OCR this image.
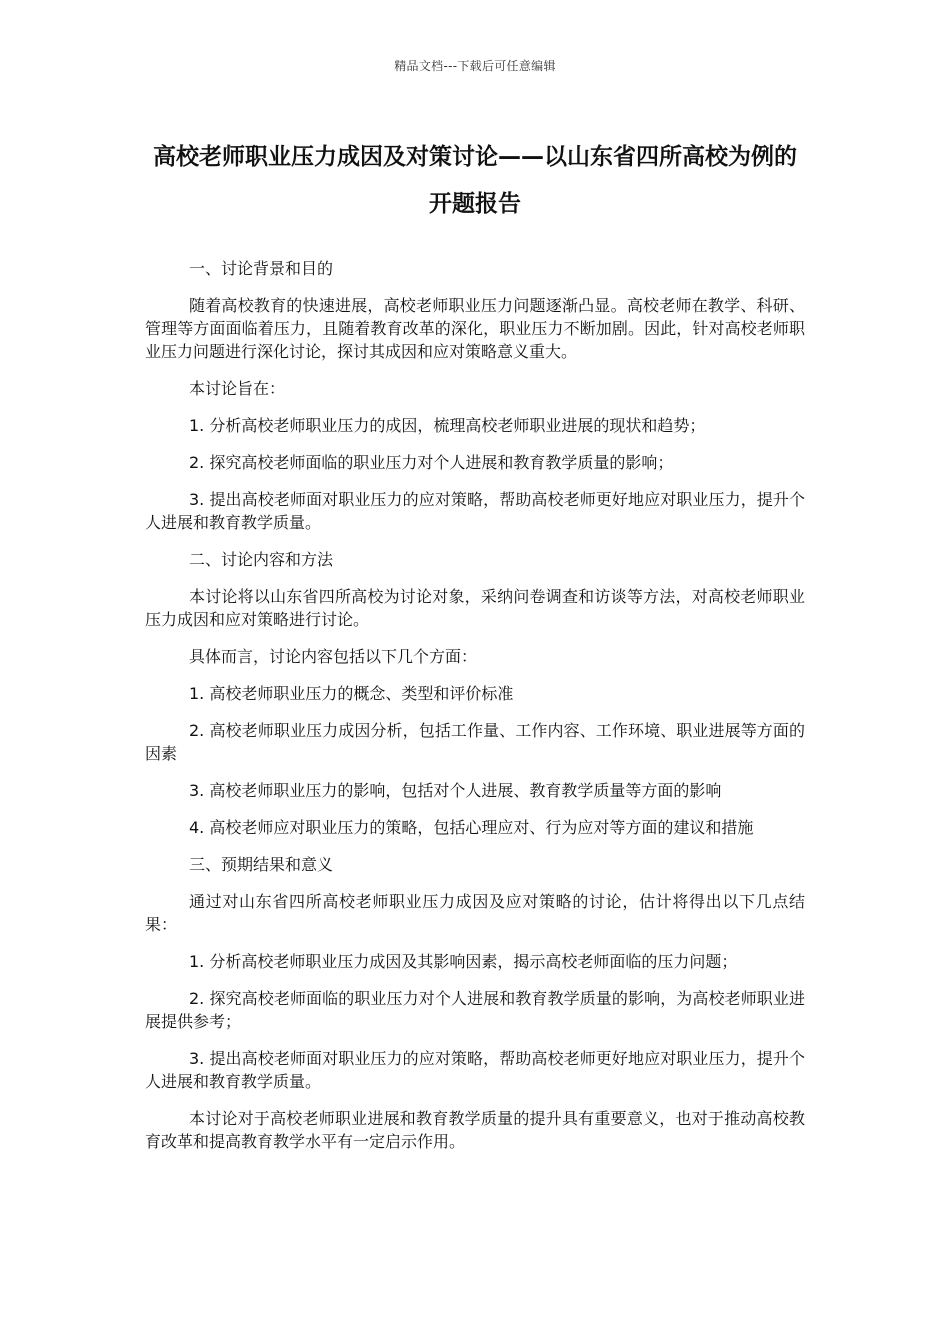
精品文档---下载后可任意编辑
高校老师职业压力成因及对策讨论——以山东省四所高校为例的开题报告

一、讨论背景和目的

随着高校教育的快速进展，高校老师职业压力问题逐渐凸显。高校老师在教学、科研、管理等方面面临着压力，且随着教育改革的深化，职业压力不断加剧。因此，针对高校老师职业压力问题进行深化讨论，探讨其成因和应对策略意义重大。

本讨论旨在：

1. 分析高校老师职业压力的成因，梳理高校老师职业进展的现状和趋势；

2. 探究高校老师面临的职业压力对个人进展和教育教学质量的影响；

3. 提出高校老师面对职业压力的应对策略，帮助高校老师更好地应对职业压力，提升个人进展和教育教学质量。

二、讨论内容和方法

本讨论将以山东省四所高校为讨论对象，采纳问卷调查和访谈等方法，对高校老师职业压力成因和应对策略进行讨论。

具体而言，讨论内容包括以下几个方面：

1. 高校老师职业压力的概念、类型和评价标准

2. 高校老师职业压力成因分析，包括工作量、工作内容、工作环境、职业进展等方面的因素

3. 高校老师职业压力的影响，包括对个人进展、教育教学质量等方面的影响

4. 高校老师应对职业压力的策略，包括心理应对、行为应对等方面的建议和措施

三、预期结果和意义

通过对山东省四所高校老师职业压力成因及应对策略的讨论，估计将得出以下几点结果：

1. 分析高校老师职业压力成因及其影响因素，揭示高校老师面临的压力问题；

2. 探究高校老师面临的职业压力对个人进展和教育教学质量的影响，为高校老师职业进展提供参考；

3. 提出高校老师面对职业压力的应对策略，帮助高校老师更好地应对职业压力，提升个人进展和教育教学质量。

本讨论对于高校老师职业进展和教育教学质量的提升具有重要意义，也对于推动高校教育改革和提高教育教学水平有一定启示作用。
